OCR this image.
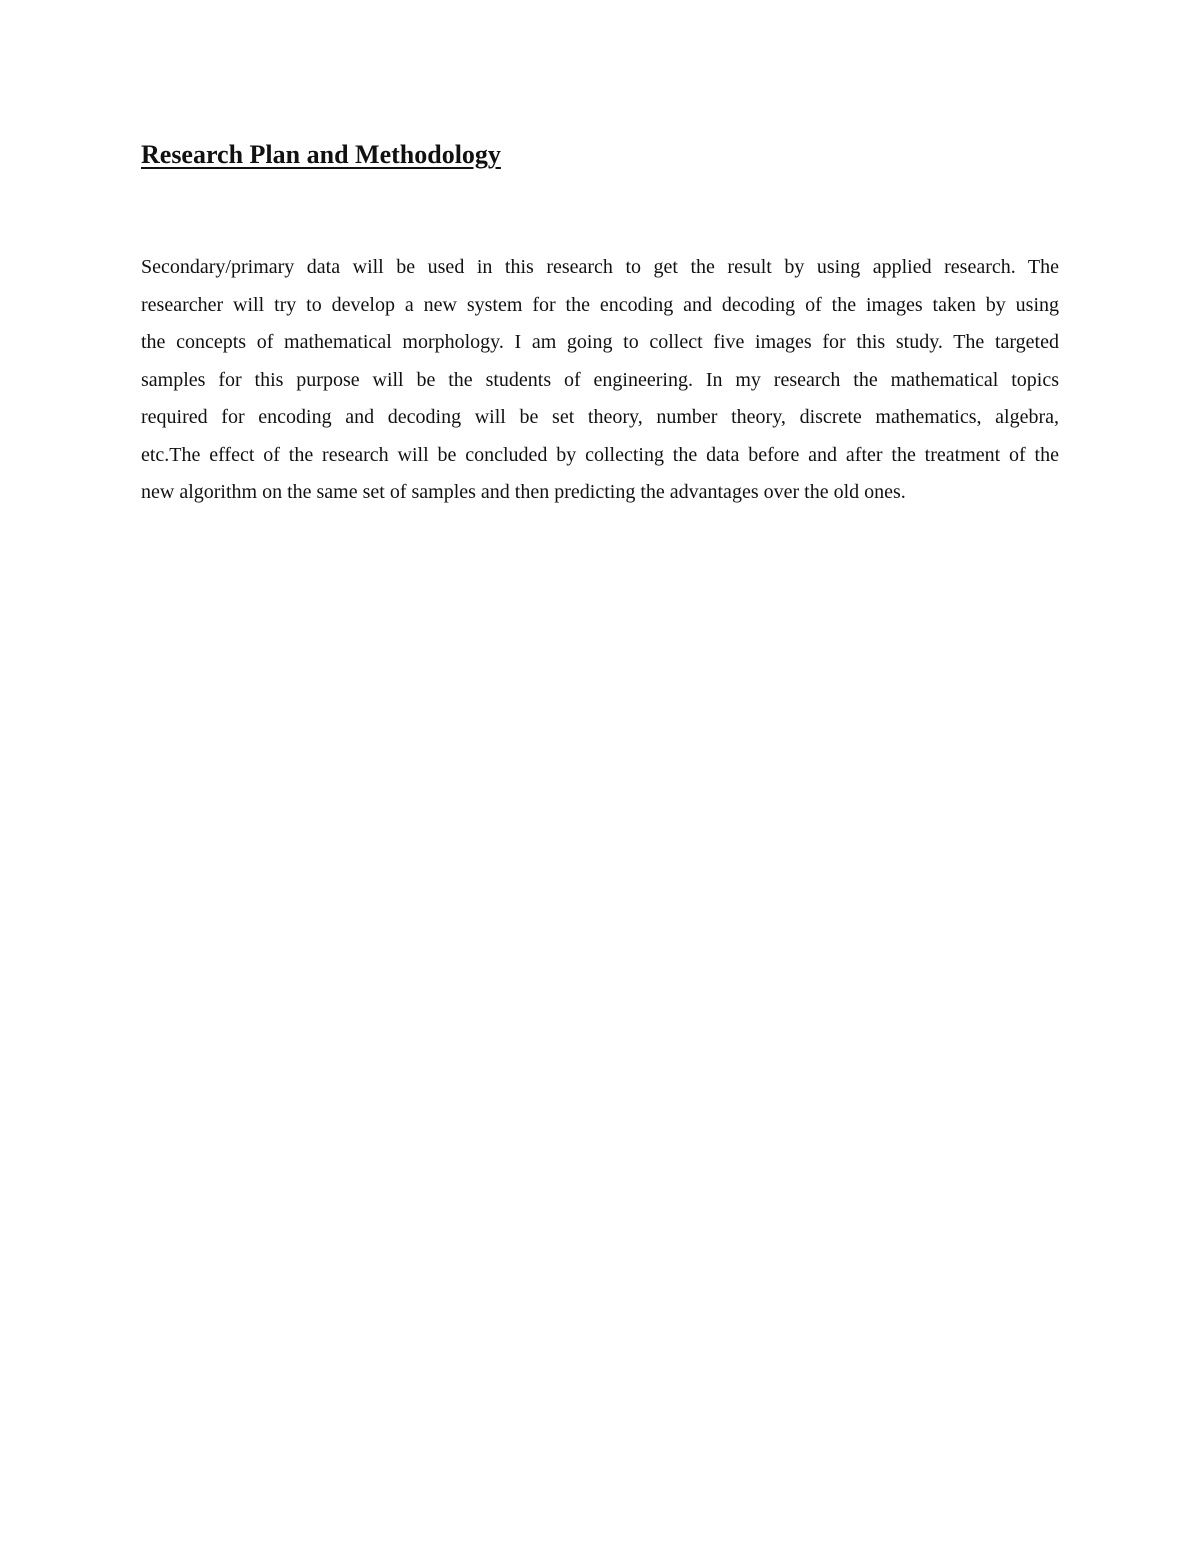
Research Plan and Methodology
Secondary/primary data will be used in this research to get the result by using applied research. The
researcher will try to develop a new system for the encoding and decoding of the images taken by using
the concepts of mathematical morphology. I am going to collect five images for this study. The targeted
samples for this purpose will be the students of engineering. In my research the mathematical topics
required for encoding and decoding will be set theory, number theory, discrete mathematics, algebra,
etc.The effect of the research will be concluded by collecting the data before and after the treatment of the
new algorithm on the same set of samples and then predicting the advantages over the old ones.
